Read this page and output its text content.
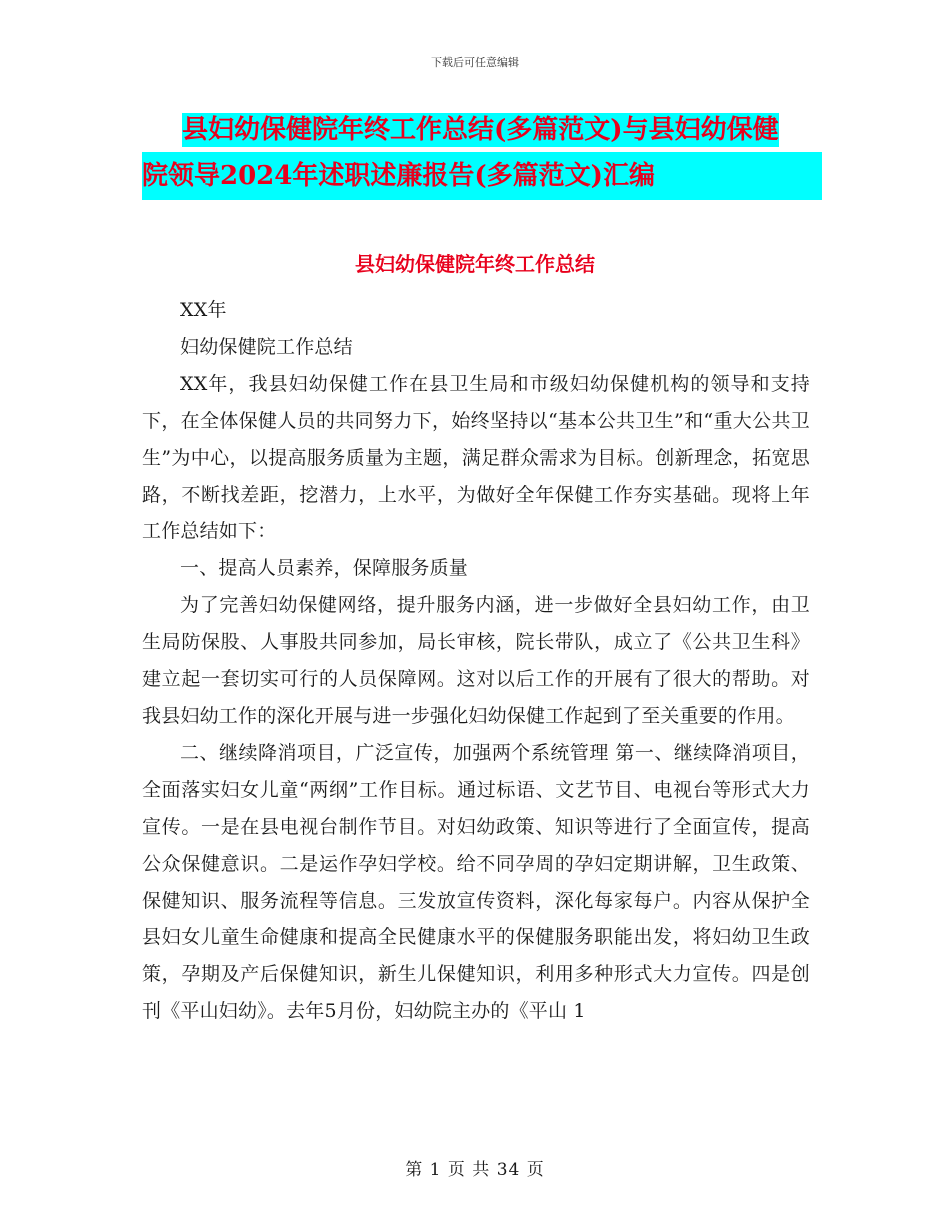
下载后可任意编辑
县妇幼保健院年终工作总结(多篇范文)与县妇幼保健
院领导2024年述职述廉报告(多篇范文)汇编
县妇幼保健院年终工作总结

XX年

妇幼保健院工作总结

XX年，我县妇幼保健工作在县卫生局和市级妇幼保健机构的领导和支持下，在全体保健人员的共同努力下，始终坚持以“基本公共卫生”和“重大公共卫生”为中心，以提高服务质量为主题，满足群众需求为目标。创新理念，拓宽思路，不断找差距，挖潜力，上水平，为做好全年保健工作夯实基础。现将上年工作总结如下：

一、提高人员素养，保障服务质量

为了完善妇幼保健网络，提升服务内涵，进一步做好全县妇幼工作，由卫生局防保股、人事股共同参加，局长审核，院长带队，成立了《公共卫生科》建立起一套切实可行的人员保障网。这对以后工作的开展有了很大的帮助。对我县妇幼工作的深化开展与进一步强化妇幼保健工作起到了至关重要的作用。

二、继续降消项目，广泛宣传，加强两个系统管理 第一、继续降消项目，全面落实妇女儿童“两纲”工作目标。通过标语、文艺节目、电视台等形式大力宣传。一是在县电视台制作节目。对妇幼政策、知识等进行了全面宣传，提高公众保健意识。二是运作孕妇学校。给不同孕周的孕妇定期讲解，卫生政策、保健知识、服务流程等信息。三发放宣传资料，深化每家每户。内容从保护全县妇女儿童生命健康和提高全民健康水平的保健服务职能出发，将妇幼卫生政策，孕期及产后保健知识，新生儿保健知识，利用多种形式大力宣传。四是创刊《平山妇幼》。去年5月份，妇幼院主办的《平山 1

第 1 页 共 34 页
